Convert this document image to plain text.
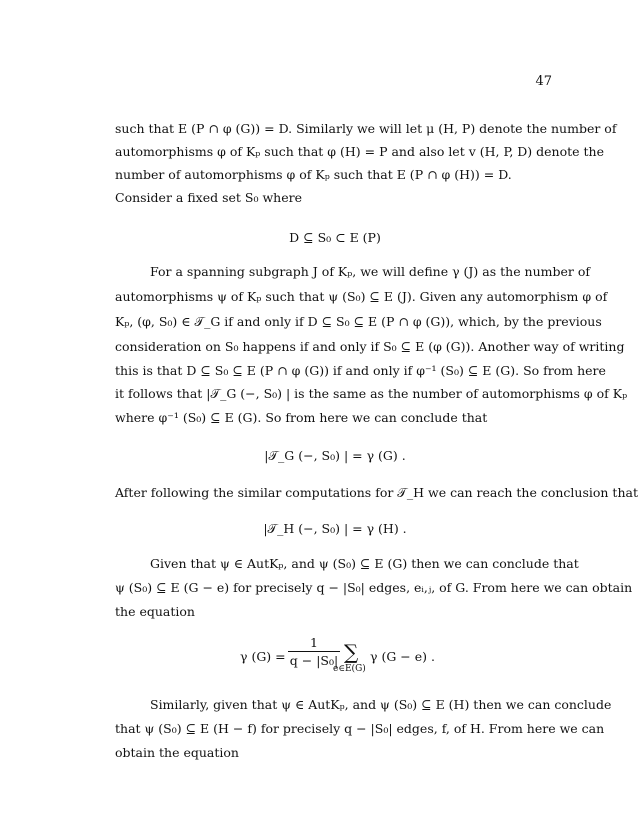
47
such that E (P ∩ φ (G)) = D. Similarly we will let μ (H, P) denote the number of
automorphisms φ of Kₚ such that φ (H) = P and also let v (H, P, D) denote the
number of automorphisms φ of Kₚ such that E (P ∩ φ (H)) = D.
Consider a fixed set S₀ where
D ⊆ S₀ ⊂ E (P)
For a spanning subgraph J of Kₚ, we will define γ (J) as the number of
automorphisms ψ of Kₚ such that ψ (S₀) ⊆ E (J). Given any automorphism φ of
Kₚ, (φ, S₀) ∈ 𝒯_G if and only if D ⊆ S₀ ⊆ E (P ∩ φ (G)), which, by the previous
consideration on S₀ happens if and only if S₀ ⊆ E (φ (G)). Another way of writing
this is that D ⊆ S₀ ⊆ E (P ∩ φ (G)) if and only if φ⁻¹ (S₀) ⊆ E (G). So from here
it follows that |𝒯_G (−, S₀) | is the same as the number of automorphisms φ of Kₚ
where φ⁻¹ (S₀) ⊆ E (G). So from here we can conclude that
|𝒯_G (−, S₀) | = γ (G) .
After following the similar computations for 𝒯_H we can reach the conclusion that
|𝒯_H (−, S₀) | = γ (H) .
Given that ψ ∈ AutKₚ, and ψ (S₀) ⊆ E (G) then we can conclude that
ψ (S₀) ⊆ E (G − e) for precisely q − |S₀| edges, eᵢ,ⱼ, of G. From here we can obtain
the equation
γ $(G) = \frac{1}{\text{q − |S₀|}}$ ∑
e∈E(G)
γ (G − e) .
Similarly, given that ψ ∈ AutKₚ, and ψ (S₀) ⊆ E (H) then we can conclude
that ψ (S₀) ⊆ E (H − f) for precisely q − |S₀| edges, f, of H. From here we can
obtain the equation
